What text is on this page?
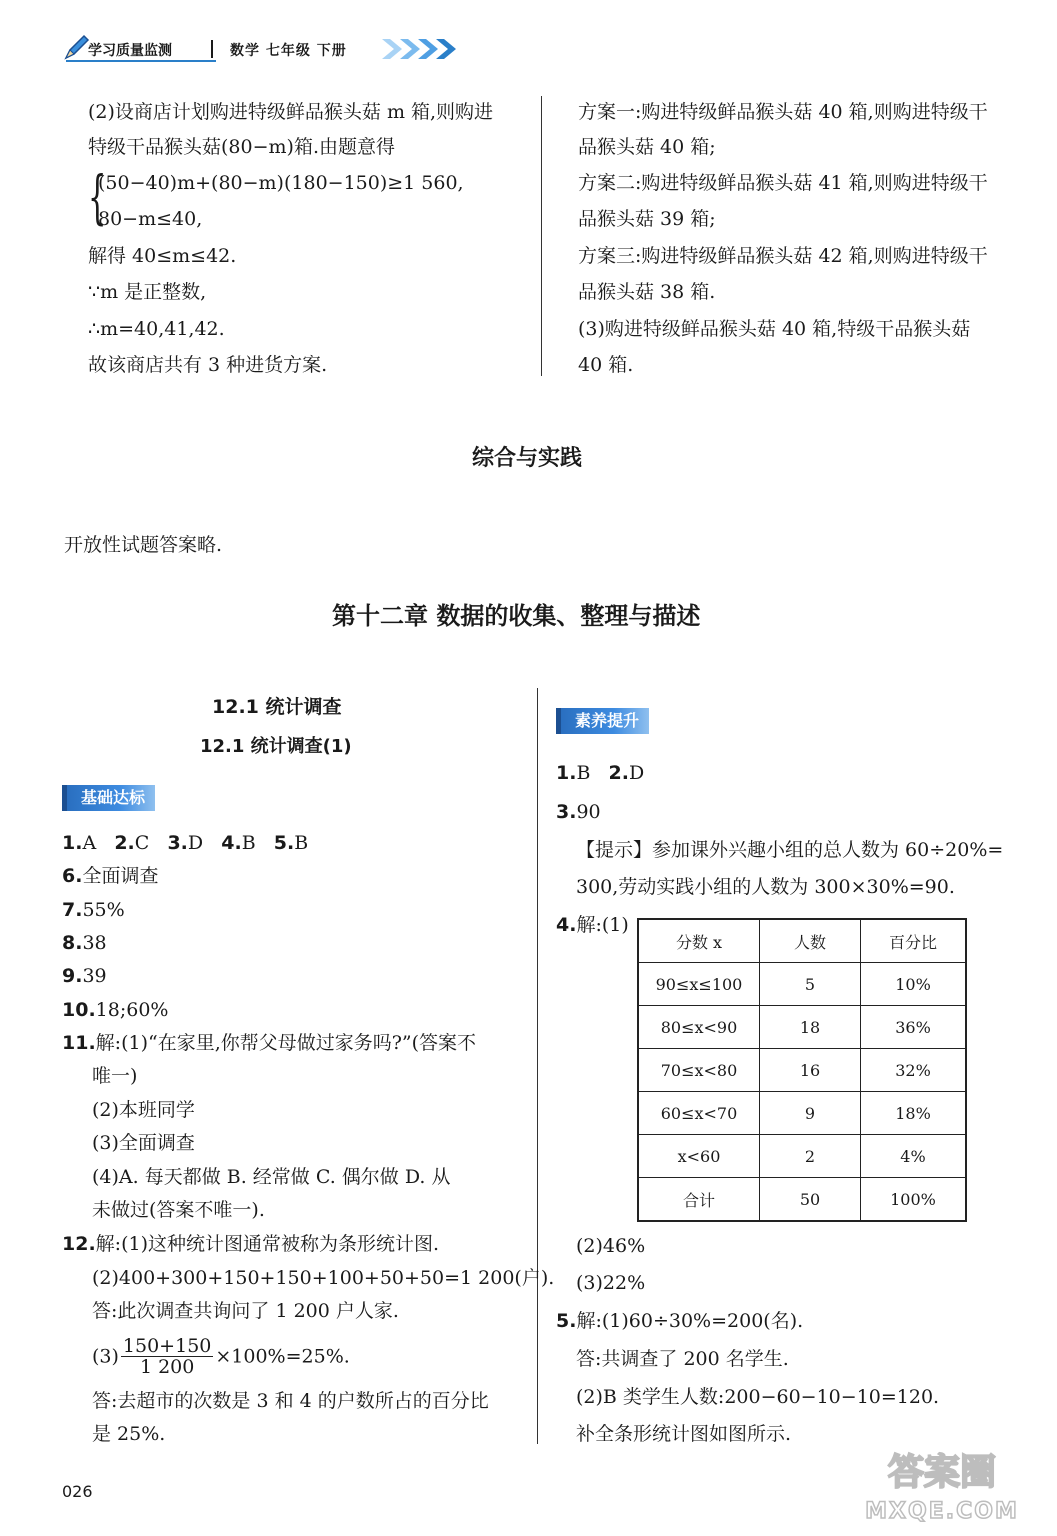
学习质量监测	数学 七年级 下册
(2)设商店计划购进特级鲜品猴头菇 m 箱,则购进
特级干品猴头菇(80−m)箱.由题意得
{
(50−40)m+(80−m)(180−150)≥1 560,
80−m≤40,
解得 40≤m≤42.
∵m 是正整数,
∴m=40,41,42.
故该商店共有 3 种进货方案.
方案一:购进特级鲜品猴头菇 40 箱,则购进特级干
品猴头菇 40 箱;
方案二:购进特级鲜品猴头菇 41 箱,则购进特级干
品猴头菇 39 箱;
方案三:购进特级鲜品猴头菇 42 箱,则购进特级干
品猴头菇 38 箱.
(3)购进特级鲜品猴头菇 40 箱,特级干品猴头菇
40 箱.
综合与实践
开放性试题答案略.
第十二章 数据的收集、整理与描述
12.1 统计调查
12.1 统计调查(1)
基础达标
1.A 2.C 3.D 4.B 5.B
6.全面调查
7.55%
8.38
9.39
10.18;60%
11.解:(1)“在家里,你帮父母做过家务吗?”(答案不
唯一)
(2)本班同学
(3)全面调查
(4)A. 每天都做 B. 经常做 C. 偶尔做 D. 从
未做过(答案不唯一).
12.解:(1)这种统计图通常被称为条形统计图.
(2)400+300+150+150+100+50+50=1 200(户).
答:此次调查共询问了 1 200 户人家.
$(3) \frac{150+150}{1 200} \times 100\%=25\%$.
答:去超市的次数是 3 和 4 的户数所占的百分比
是 25%.
素养提升
1.B 2.D
3.90
【提示】参加课外兴趣小组的总人数为 60÷20%=
300,劳动实践小组的人数为 300×30%=90.
4.解:(1)
分数 x	人数	百分比
90≤x≤100	5	10%
80≤x<90	18	36%
70≤x<80	16	32%
60≤x<70	9	18%
x<60	2	4%
合计	50	100%
(2)46%
(3)22%
5.解:(1)60÷30%=200(名).
答:共调查了 200 名学生.
(2)B 类学生人数:200−60−10−10=120.
补全条形统计图如图所示.
026	答案圈
MXQE.COM
